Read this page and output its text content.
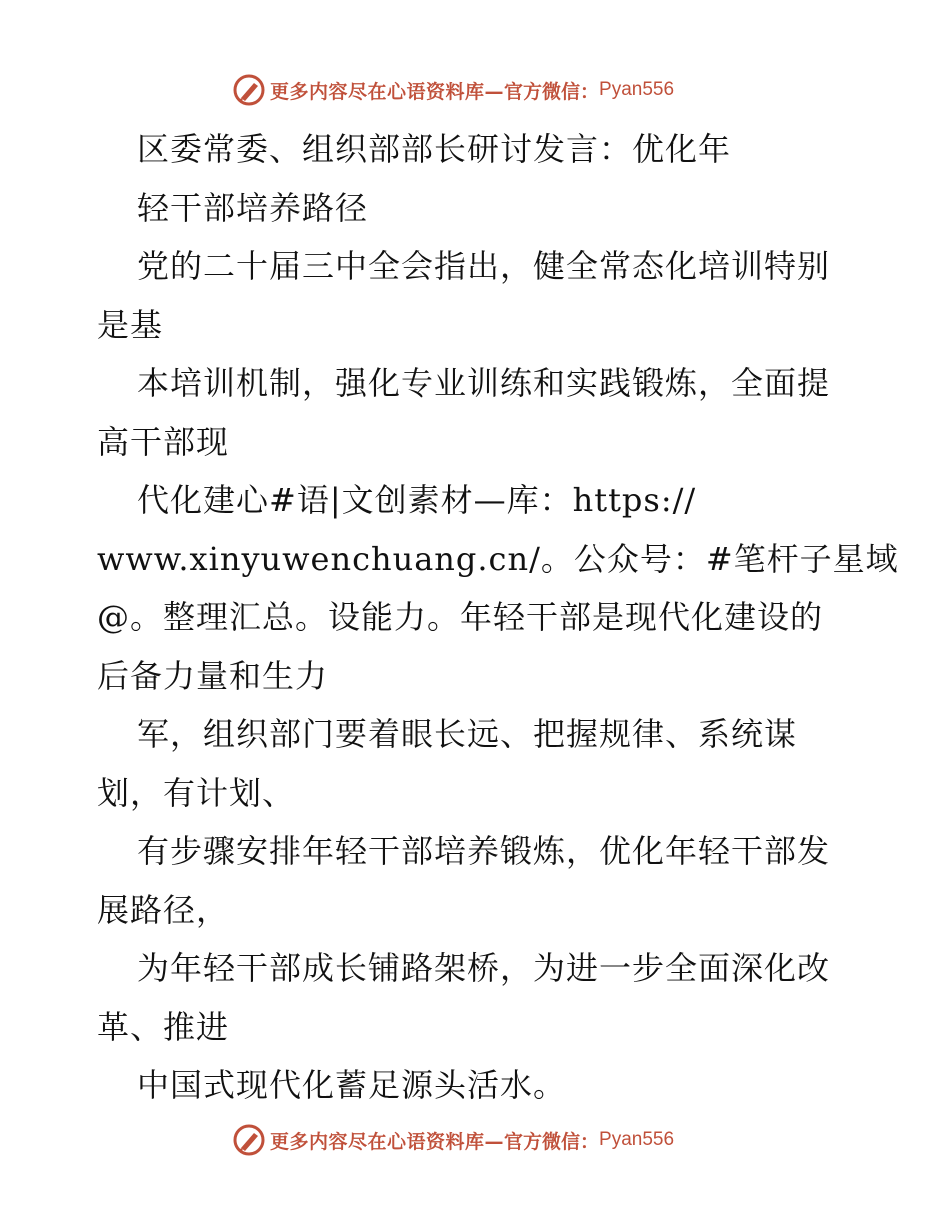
更多内容尽在心语资料库— 官方微信： Pyan556
区委常委、组织部部长研讨发言：优化年
轻干部培养路径
党的二十届三中全会指出，健全常态化培训特别
是基
本培训机制，强化专业训练和实践锻炼，全面提
高干部现
代化建心#语|文创素材—库：https://
www.xinyuwenchuang.cn/。公众号：#笔杆子星域
@。整理汇总。设能力。年轻干部是现代化建设的
后备力量和生力
军，组织部门要着眼长远、把握规律、系统谋
划，有计划、
有步骤安排年轻干部培养锻炼，优化年轻干部发
展路径，
为年轻干部成长铺路架桥，为进一步全面深化改
革、推进
中国式现代化蓄足源头活水。
更多内容尽在心语资料库— 官方微信： Pyan556
